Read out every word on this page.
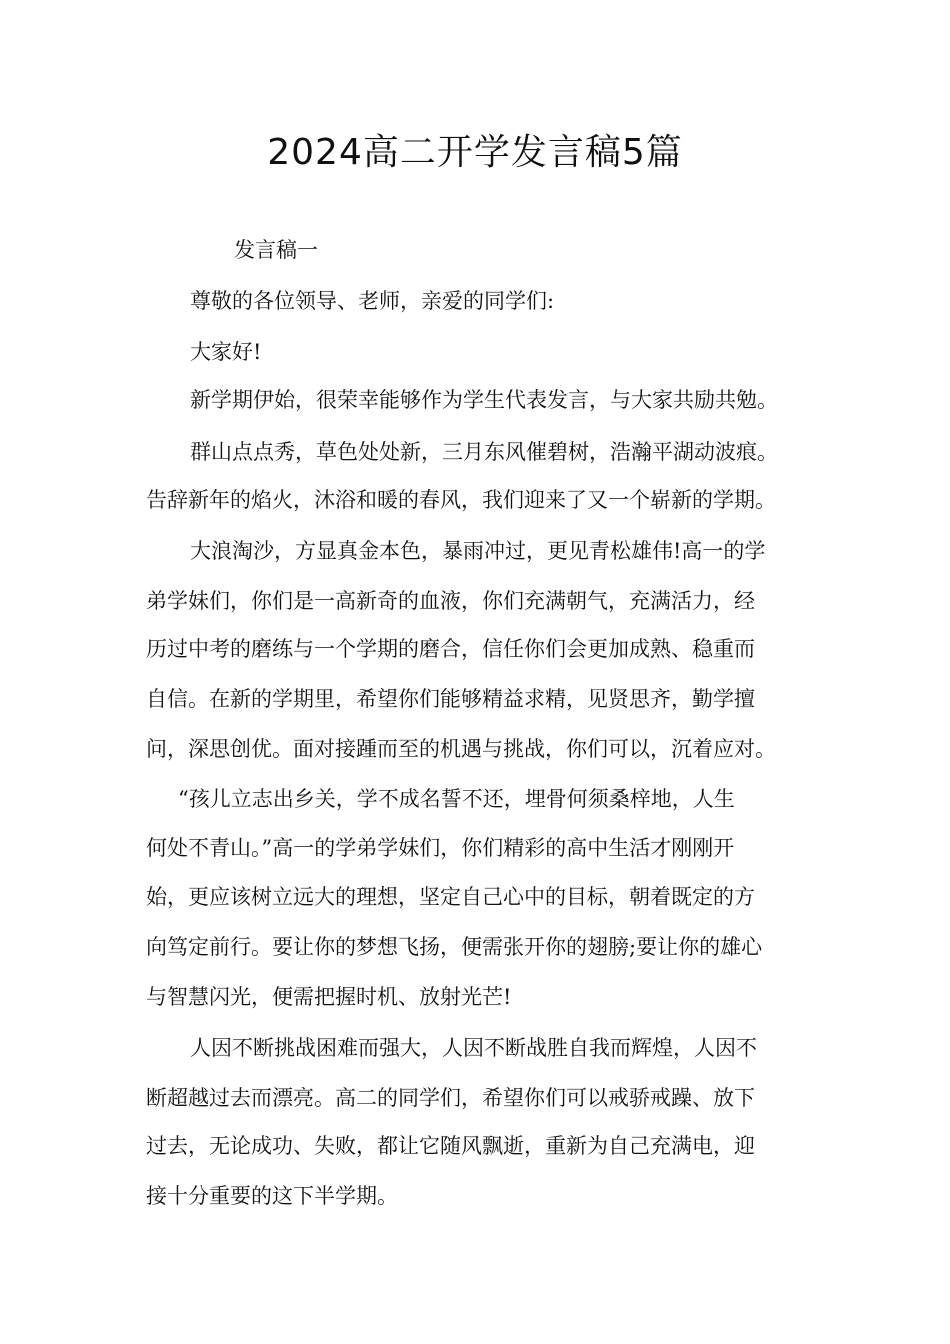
2024高二开学发言稿5篇
发言稿一
尊敬的各位领导、老师，亲爱的同学们:
大家好!
新学期伊始，很荣幸能够作为学生代表发言，与大家共励共勉。
群山点点秀，草色处处新，三月东风催碧树，浩瀚平湖动波痕。
告辞新年的焰火，沐浴和暖的春风，我们迎来了又一个崭新的学期。
大浪淘沙，方显真金本色，暴雨冲过，更见青松雄伟!高一的学
弟学妹们，你们是一高新奇的血液，你们充满朝气，充满活力，经
历过中考的磨练与一个学期的磨合，信任你们会更加成熟、稳重而
自信。在新的学期里，希望你们能够精益求精，见贤思齐，勤学擅
问，深思创优。面对接踵而至的机遇与挑战，你们可以，沉着应对。
“孩儿立志出乡关，学不成名誓不还，埋骨何须桑梓地，人生
何处不青山。”高一的学弟学妹们，你们精彩的高中生活才刚刚开
始，更应该树立远大的理想，坚定自己心中的目标，朝着既定的方
向笃定前行。要让你的梦想飞扬，便需张开你的翅膀;要让你的雄心
与智慧闪光，便需把握时机、放射光芒!
人因不断挑战困难而强大，人因不断战胜自我而辉煌，人因不
断超越过去而漂亮。高二的同学们，希望你们可以戒骄戒躁、放下
过去，无论成功、失败，都让它随风飘逝，重新为自己充满电，迎
接十分重要的这下半学期。
